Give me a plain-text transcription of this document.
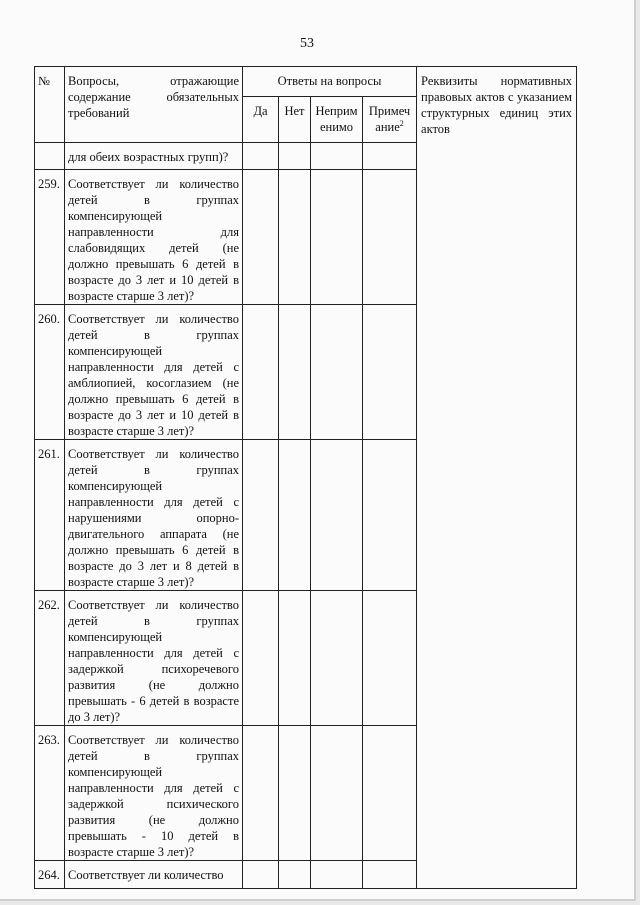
53
№	Вопросы, отражающие содержание обязательных требований	Ответы на вопросы				Реквизиты нормативных правовых актов с указанием структурных единиц этих актов
		Да	Нет	Неприм енимо	Примеч ание$^2$
	для обеих возрастных групп)?					
259.	Соответствует ли количество детей в группах компенсирующей направленности для слабовидящих детей (не должно превышать 6 детей в возрасте до 3 лет и 10 детей в возрасте старше 3 лет)?					
260.	Соответствует ли количество детей в группах компенсирующей направленности для детей с амблиопией, косоглазием (не должно превышать 6 детей в возрасте до 3 лет и 10 детей в возрасте старше 3 лет)?					
261.	Соответствует ли количество детей в группах компенсирующей направленности для детей с нарушениями опорно-двигательного аппарата (не должно превышать 6 детей в возрасте до 3 лет и 8 детей в возрасте старше 3 лет)?					
262.	Соответствует ли количество детей в группах компенсирующей направленности для детей с задержкой психоречевого развития (не должно превышать - 6 детей в возрасте до 3 лет)?					
263.	Соответствует ли количество детей в группах компенсирующей направленности для детей с задержкой психического развития (не должно превышать - 10 детей в возрасте старше 3 лет)?					
264.	Соответствует ли количество					
